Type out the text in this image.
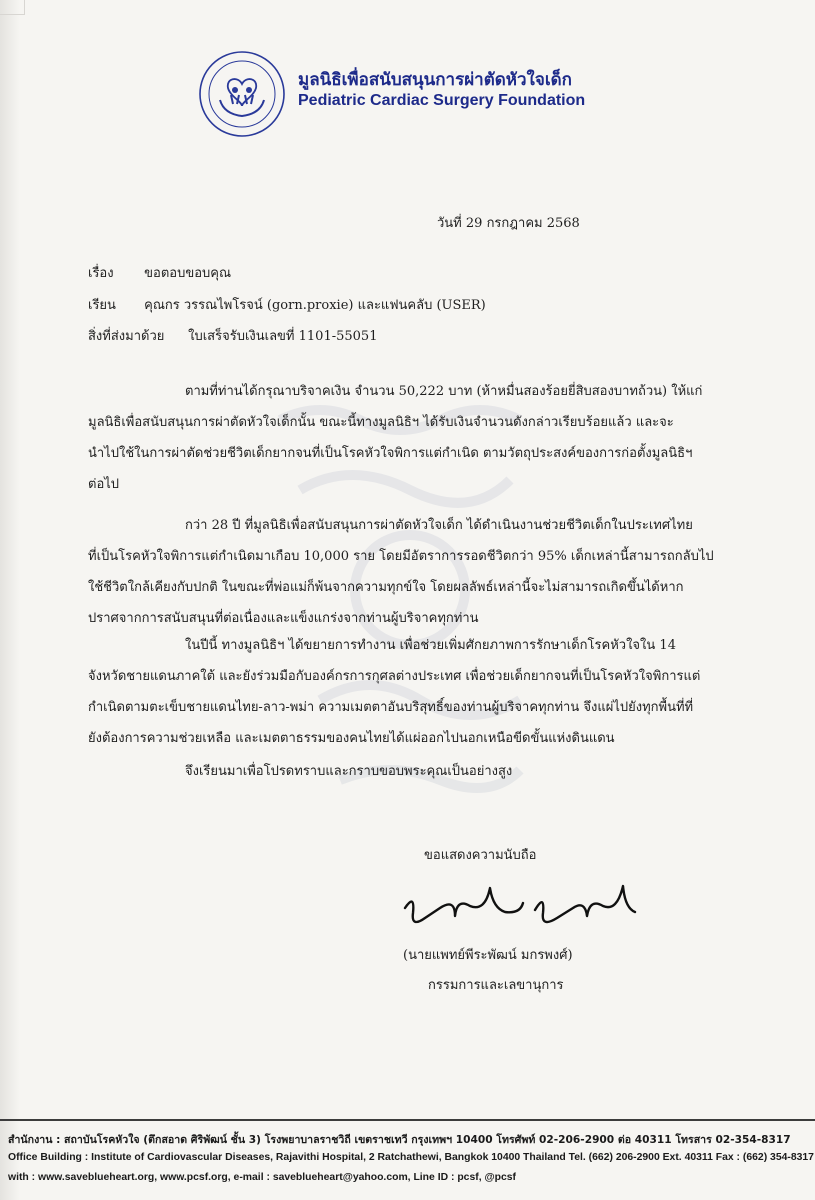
มูลนิธิเพื่อสนับสนุนการผ่าตัดหัวใจเด็ก
Pediatric Cardiac Surgery Foundation
วันที่ 29 กรกฎาคม 2568
เรื่อง ขอตอบขอบคุณ
เรียน คุณกร วรรณไพโรจน์ (gorn.proxie) และแฟนคลับ (USER)
สิ่งที่ส่งมาด้วย ใบเสร็จรับเงินเลขที่ 1101-55051
ตามที่ท่านได้กรุณาบริจาคเงิน จำนวน 50,222 บาท (ห้าหมื่นสองร้อยยี่สิบสองบาทถ้วน) ให้แก่
มูลนิธิเพื่อสนับสนุนการผ่าตัดหัวใจเด็กนั้น ขณะนี้ทางมูลนิธิฯ ได้รับเงินจำนวนดังกล่าวเรียบร้อยแล้ว และจะ
นำไปใช้ในการผ่าตัดช่วยชีวิตเด็กยากจนที่เป็นโรคหัวใจพิการแต่กำเนิด ตามวัตถุประสงค์ของการก่อตั้งมูลนิธิฯ
ต่อไป
กว่า 28 ปี ที่มูลนิธิเพื่อสนับสนุนการผ่าตัดหัวใจเด็ก ได้ดำเนินงานช่วยชีวิตเด็กในประเทศไทย
ที่เป็นโรคหัวใจพิการแต่กำเนิดมาเกือบ 10,000 ราย โดยมีอัตราการรอดชีวิตกว่า 95% เด็กเหล่านี้สามารถกลับไป
ใช้ชีวิตใกล้เคียงกับปกติ ในขณะที่พ่อแม่ก็พ้นจากความทุกข์ใจ โดยผลลัพธ์เหล่านี้จะไม่สามารถเกิดขึ้นได้หาก
ปราศจากการสนับสนุนที่ต่อเนื่องและแข็งแกร่งจากท่านผู้บริจาคทุกท่าน
ในปีนี้ ทางมูลนิธิฯ ได้ขยายการทำงาน เพื่อช่วยเพิ่มศักยภาพการรักษาเด็กโรคหัวใจใน 14
จังหวัดชายแดนภาคใต้ และยังร่วมมือกับองค์กรการกุศลต่างประเทศ เพื่อช่วยเด็กยากจนที่เป็นโรคหัวใจพิการแต่
กำเนิดตามตะเข็บชายแดนไทย-ลาว-พม่า ความเมตตาอันบริสุทธิ์ของท่านผู้บริจาคทุกท่าน จึงแผ่ไปยังทุกพื้นที่ที่
ยังต้องการความช่วยเหลือ และเมตตาธรรมของคนไทยได้แผ่ออกไปนอกเหนือขีดขั้นแห่งดินแดน
จึงเรียนมาเพื่อโปรดทราบและกราบขอบพระคุณเป็นอย่างสูง
ขอแสดงความนับถือ
(นายแพทย์พีระพัฒน์ มกรพงศ์)
กรรมการและเลขานุการ
สำนักงาน : สถาบันโรคหัวใจ (ตึกสอาด ศิริพัฒน์ ชั้น 3) โรงพยาบาลราชวิถี เขตราชเทวี กรุงเทพฯ 10400 โทรศัพท์ 02-206-2900 ต่อ 40311 โทรสาร 02-354-8317
Office Building : Institute of Cardiovascular Diseases, Rajavithi Hospital, 2 Ratchathewi, Bangkok 10400 Thailand Tel. (662) 206-2900 Ext. 40311 Fax : (662) 354-8317
with : www.saveblueheart.org, www.pcsf.org, e-mail : saveblueheart@yahoo.com, Line ID : pcsf, @pcsf
